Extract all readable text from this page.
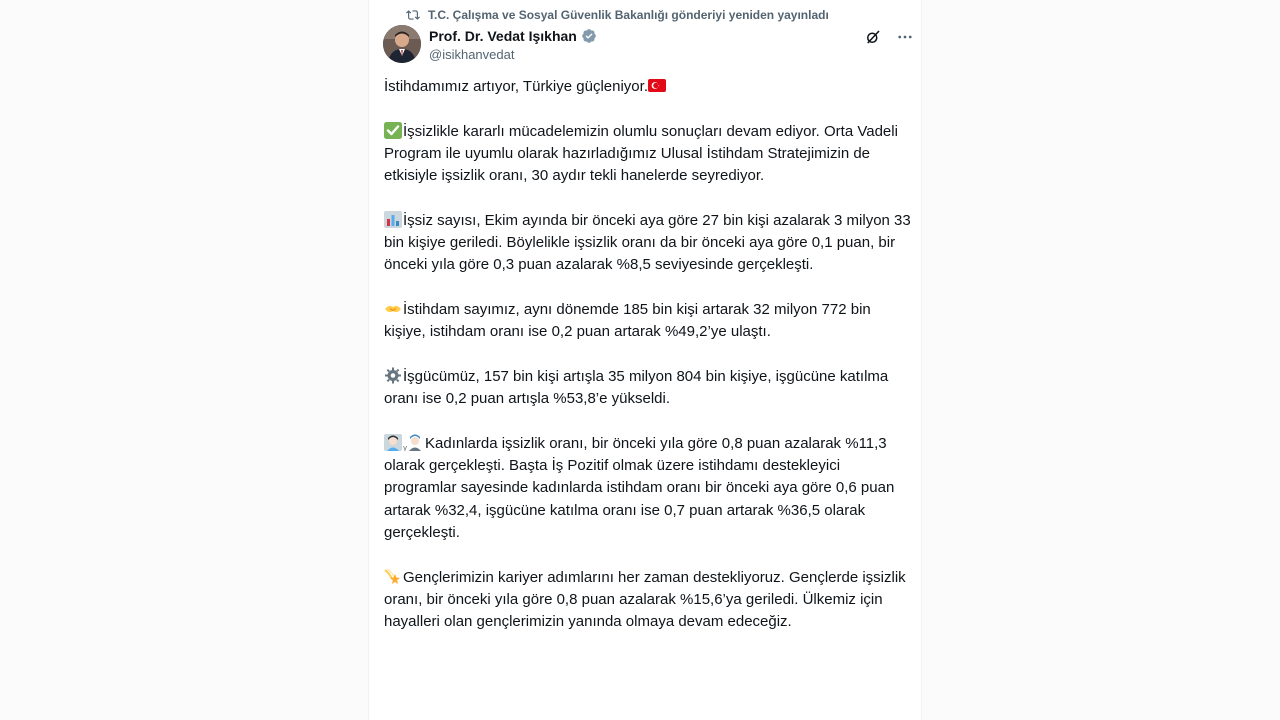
T.C. Çalışma ve Sosyal Güvenlik Bakanlığı gönderiyi yeniden yayınladı
Prof. Dr. Vedat Işıkhan
@isikhanvedat

İstihdamımız artıyor, Türkiye güçleniyor.

İşsizlikle kararlı mücadelemizin olumlu sonuçları devam ediyor. Orta Vadeli Program ile uyumlu olarak hazırladığımız Ulusal İstihdam Stratejimizin de etkisiyle işsizlik oranı, 30 aydır tekli hanelerde seyrediyor.

İşsiz sayısı, Ekim ayında bir önceki aya göre 27 bin kişi azalarak 3 milyon 33 bin kişiye geriledi. Böylelikle işsizlik oranı da bir önceki aya göre 0,1 puan, bir önceki yıla göre 0,3 puan azalarak %8,5 seviyesinde gerçekleşti.

İstihdam sayımız, aynı dönemde 185 bin kişi artarak 32 milyon 772 bin kişiye, istihdam oranı ise 0,2 puan artarak %49,2’ye ulaştı.

İşgücümüz, 157 bin kişi artışla 35 milyon 804 bin kişiye, işgücüne katılma oranı ise 0,2 puan artışla %53,8’e yükseldi.

y Kadınlarda işsizlik oranı, bir önceki yıla göre 0,8 puan azalarak %11,3 olarak gerçekleşti. Başta İş Pozitif olmak üzere istihdamı destekleyici programlar sayesinde kadınlarda istihdam oranı bir önceki aya göre 0,6 puan artarak %32,4, işgücüne katılma oranı ise 0,7 puan artarak %36,5 olarak gerçekleşti.

Gençlerimizin kariyer adımlarını her zaman destekliyoruz. Gençlerde işsizlik oranı, bir önceki yıla göre 0,8 puan azalarak %15,6’ya geriledi. Ülkemiz için hayalleri olan gençlerimizin yanında olmaya devam edeceğiz.
